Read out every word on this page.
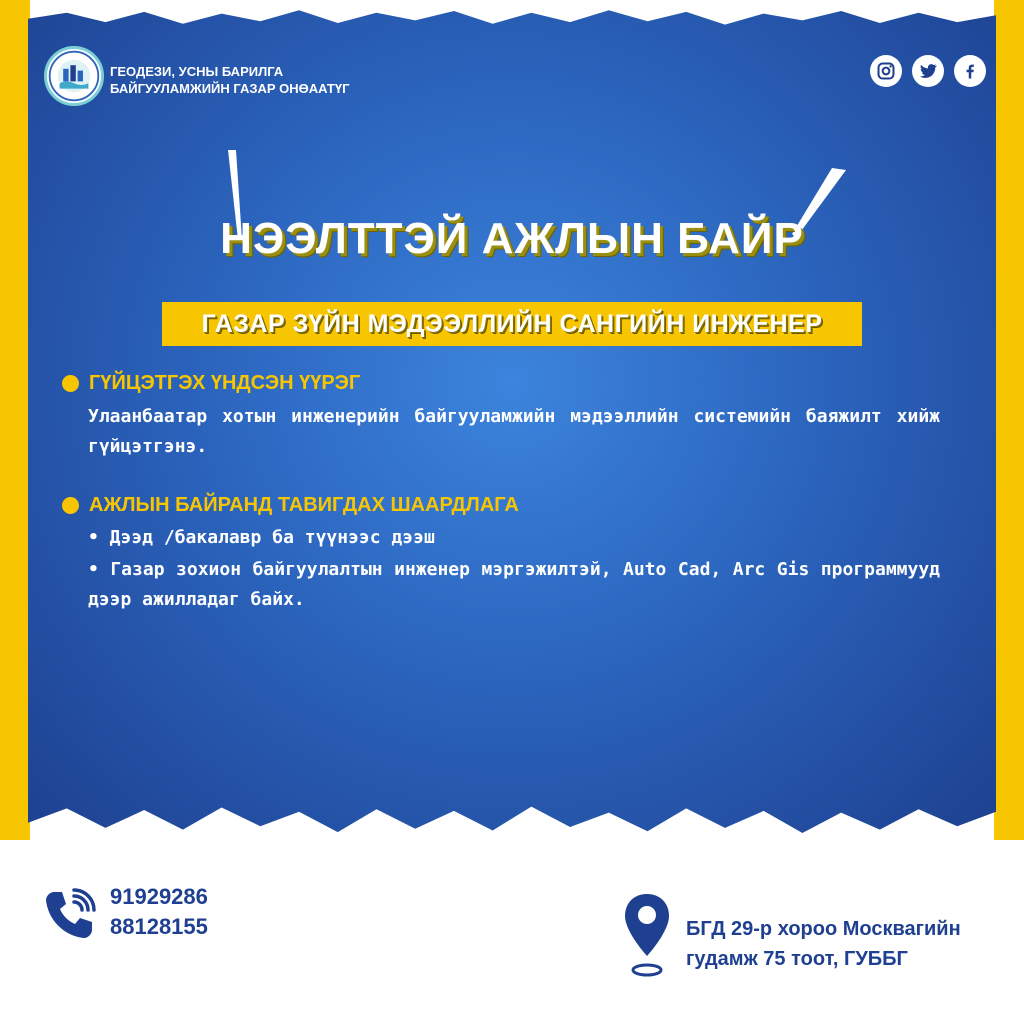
ГЕОДЕЗИ, УСНЫ БАРИЛГА
БАЙГУУЛАМЖИЙН ГАЗАР ОНӨААТҮГ
НЭЭЛТТЭЙ АЖЛЫН БАЙР
ГАЗАР ЗҮЙН МЭДЭЭЛЛИЙН САНГИЙН ИНЖЕНЕР
ГҮЙЦЭТГЭХ ҮНДСЭН ҮҮРЭГ
Улаанбаатар хотын инженерийн байгууламжийн мэдээллийн системийн баяжилт хийж гүйцэтгэнэ.
АЖЛЫН БАЙРАНД ТАВИГДАХ ШААРДЛАГА
• Дээд /бакалавр ба түүнээс дээш
• Газар зохион байгуулалтын инженер мэргэжилтэй, Auto Cad, Arc Gis программууд дээр ажилладаг байх.
91929286
88128155	БГД 29-р хороо Москвагийн
гудамж 75 тоот, ГУББГ
